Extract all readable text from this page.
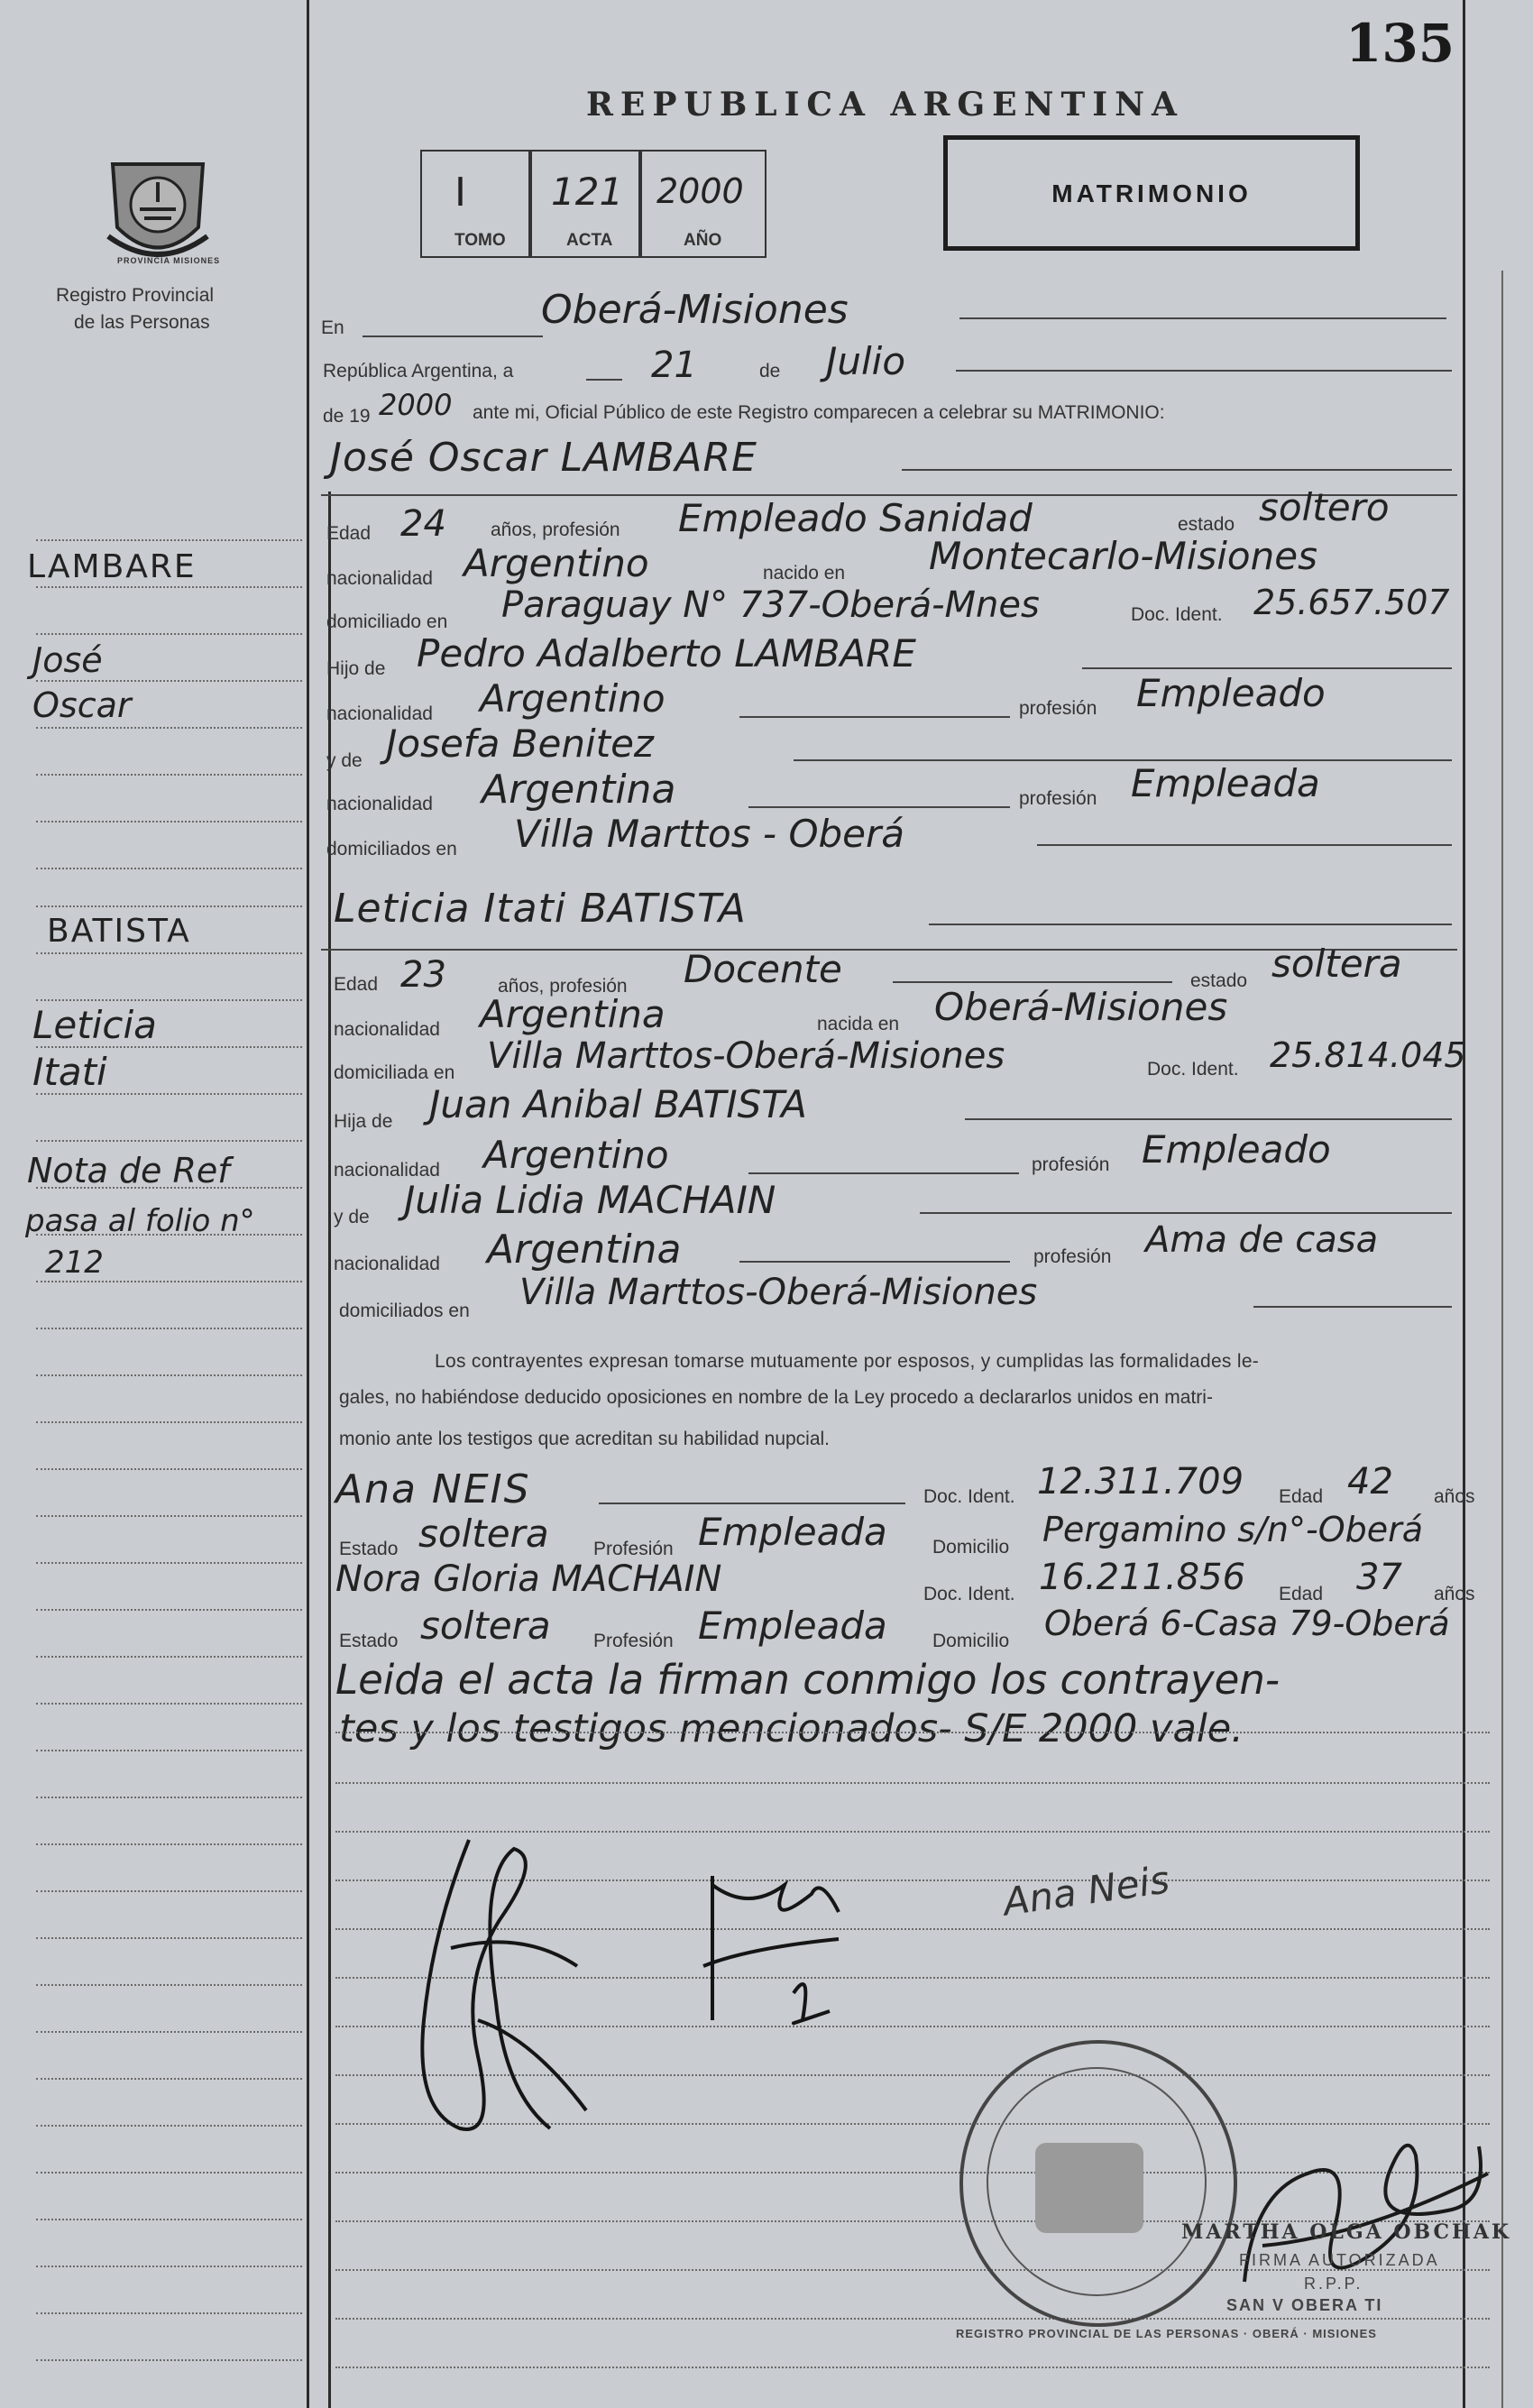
135
REPUBLICA ARGENTINA
I 121 2000
TOMO	ACTA	AÑO
MATRIMONIO
PROVINCIA MISIONES
Registro Provincial
de las Personas
LAMBARE
José
Oscar
BATISTA
Leticia
Itati
Nota de Ref
pasa al folio n°
212
En	Oberá-Misiones
República Argentina, a	21	de Julio
de 19 2000 ante mi, Oficial Público de este Registro comparecen a celebrar su MATRIMONIO:
José Oscar LAMBARE
Edad 24 años, profesión Empleado Sanidad	estado soltero
nacionalidad Argentino	nacido en Montecarlo-Misiones
domiciliado en Paraguay N° 737-Oberá-Mnes	Doc. Ident. 25.657.507
Hijo de Pedro Adalberto LAMBARE
nacionalidad Argentino	profesión Empleado
y de Josefa Benitez
nacionalidad Argentina	profesión Empleada
domiciliados en Villa Marttos - Oberá
Leticia Itati BATISTA
Edad 23	años, profesión Docente	estado soltera
nacionalidad Argentina	nacida en Oberá-Misiones
domiciliada en Villa Marttos-Oberá-Misiones	Doc. Ident. 25.814.045
Hija de Juan Anibal BATISTA
nacionalidad Argentino	profesión Empleado
y de Julia Lidia MACHAIN
nacionalidad Argentina	profesión Ama de casa
domiciliados en Villa Marttos-Oberá-Misiones
Los contrayentes expresan tomarse mutuamente por esposos, y cumplidas las formalidades le-
gales, no habiéndose deducido oposiciones en nombre de la Ley procedo a declararlos unidos en matri-
monio ante los testigos que acreditan su habilidad nupcial.
Ana NEIS	Doc. Ident. 12.311.709 Edad 42 años
Estado soltera Profesión Empleada Domicilio Pergamino s/n°-Oberá
Nora Gloria MACHAIN	Doc. Ident. 16.211.856 Edad 37 años
Estado soltera Profesión Empleada Domicilio Oberá 6-Casa 79-Oberá
Leida el acta la firman conmigo los contrayen-
tes y los testigos mencionados- S/E 2000 vale.
Ana Neis
REGISTRO PROVINCIAL DE LAS PERSONAS · OBERÁ · MISIONES
MARTHA OLGA OBCHAK
FIRMA AUTORIZADA
R.P.P.
SAN V OBERA TI
